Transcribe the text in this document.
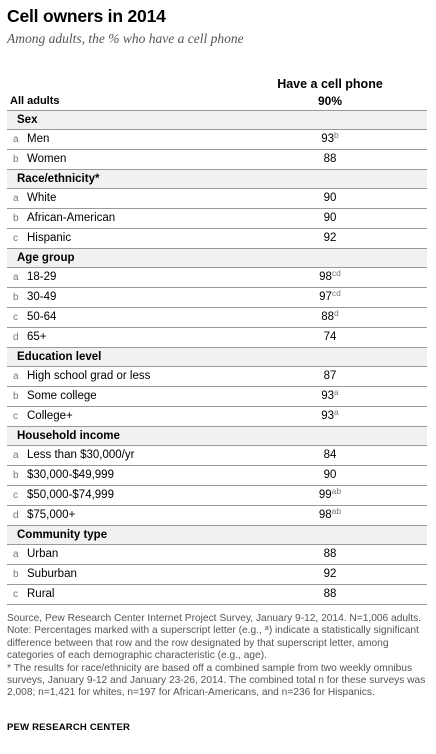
Cell owners in 2014
Among adults, the % who have a cell phone
Have a cell phone
All adults	90%
Sex
a Men	93$^b$
b Women	88
Race/ethnicity*
a White	90
b African-American	90
c Hispanic	92
Age group
a 18-29	$98^{cd}$
b 30-49	$97^{cd}$
c 50-64	88$^d$
d 65+	74
Education level
a High school grad or less	87
b Some college	93$^a$
c College+	$93^a$
Household income
a Less than $30,000/yr	84
b $30,000-$49,999	90
c $50,000-$74,999	$99^{ab}$
d $75,000+	$98^{ab}$
Community type
a Urban	88
b Suburban	92
c Rural	88

Source, Pew Research Center Internet Project Survey, January 9-12, 2014. N=1,006 adults.

Note: Percentages marked with a superscript letter (e.g., $^a$) indicate a statistically significant difference between that row and the row designated by that superscript letter, among categories of each demographic characteristic (e.g., age).

* The results for race/ethnicity are based off a combined sample from two weekly omnibus surveys, January 9-12 and January 23-26, 2014. The combined total n for these surveys was 2,008; n=1,421 for whites, n=197 for African-Americans, and n=236 for Hispanics.

PEW RESEARCH CENTER
